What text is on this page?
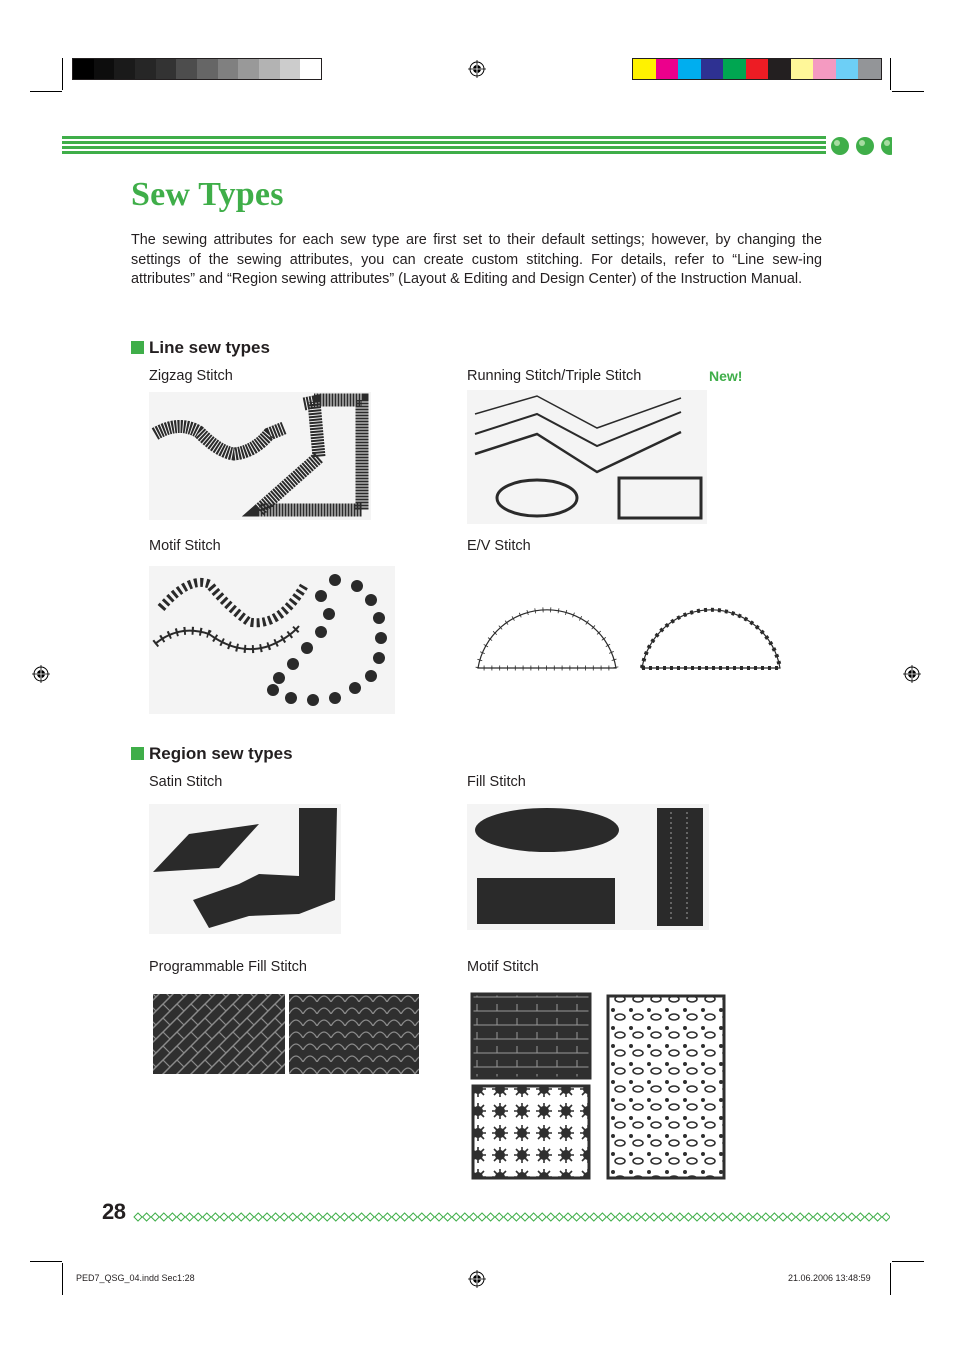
Sew Types
The sewing attributes for each sew type are first set to their default settings; however, by changing the settings of the sewing attributes, you can create custom stitching. For details, refer to “Line sew-ing attributes” and “Region sewing attributes” (Layout & Editing and Design Center) of the Instruction Manual.
Line sew types
Zigzag Stitch	Running Stitch/Triple Stitch	New!
Motif Stitch	E/V Stitch
Region sew types
Satin Stitch	Fill Stitch
Programmable Fill Stitch	Motif Stitch
28
PED7_QSG_04.indd Sec1:28	21.06.2006 13:48:59
